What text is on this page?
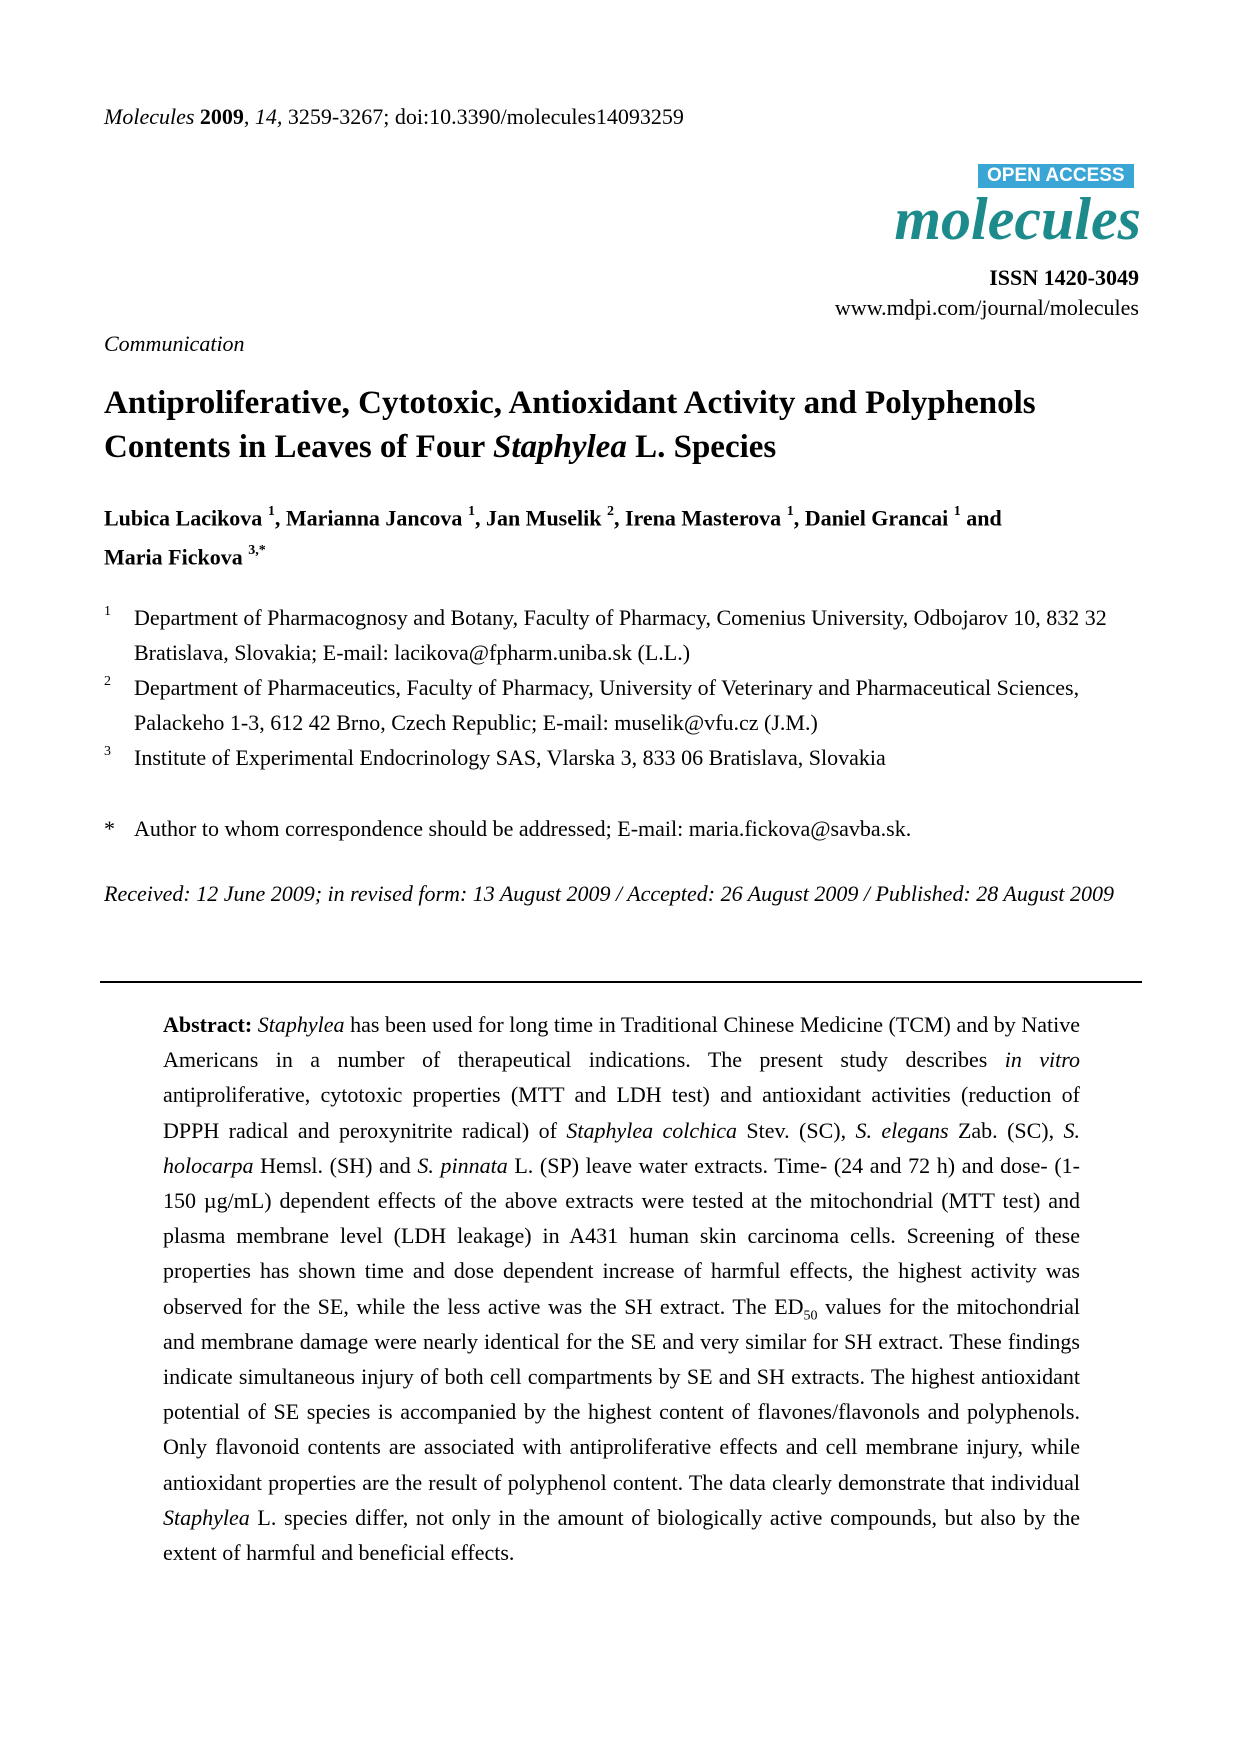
Molecules 2009, 14, 3259-3267; doi:10.3390/molecules14093259
OPEN ACCESS
molecules
ISSN 1420-3049
www.mdpi.com/journal/molecules
Communication
Antiproliferative, Cytotoxic, Antioxidant Activity and Polyphenols Contents in Leaves of Four Staphylea L. Species
Lubica Lacikova $^1$, Marianna Jancova $^1$, Jan Muselik $^2$, Irena Masterova $^1$, Daniel Grancai $^1$ and
Maria Fickova $^{3,*}$
1 Department of Pharmacognosy and Botany, Faculty of Pharmacy, Comenius University, Odbojarov 10, 832 32 Bratislava, Slovakia; E-mail: lacikova@fpharm.uniba.sk (L.L.)
2 Department of Pharmaceutics, Faculty of Pharmacy, University of Veterinary and Pharmaceutical Sciences, Palackeho 1-3, 612 42 Brno, Czech Republic; E-mail: muselik@vfu.cz (J.M.)
3 Institute of Experimental Endocrinology SAS, Vlarska 3, 833 06 Bratislava, Slovakia
* Author to whom correspondence should be addressed; E-mail: maria.fickova@savba.sk.
Received: 12 June 2009; in revised form: 13 August 2009 / Accepted: 26 August 2009 / Published: 28 August 2009
Abstract: Staphylea has been used for long time in Traditional Chinese Medicine (TCM) and by Native Americans in a number of therapeutical indications. The present study describes in vitro antiproliferative, cytotoxic properties (MTT and LDH test) and antioxidant activities (reduction of DPPH radical and peroxynitrite radical) of Staphylea colchica Stev. (SC), S. elegans Zab. (SC), S. holocarpa Hemsl. (SH) and S. pinnata L. (SP) leave water extracts. Time- (24 and 72 h) and dose- (1-150 µg/mL) dependent effects of the above extracts were tested at the mitochondrial (MTT test) and plasma membrane level (LDH leakage) in A431 human skin carcinoma cells. Screening of these properties has shown time and dose dependent increase of harmful effects, the highest activity was observed for the SE, while the less active was the SH extract. The $ED_{50}$ values for the mitochondrial and membrane damage were nearly identical for the SE and very similar for SH extract. These findings indicate simultaneous injury of both cell compartments by SE and SH extracts. The highest antioxidant potential of SE species is accompanied by the highest content of flavones/flavonols and polyphenols. Only flavonoid contents are associated with antiproliferative effects and cell membrane injury, while antioxidant properties are the result of polyphenol content. The data clearly demonstrate that individual Staphylea L. species differ, not only in the amount of biologically active compounds, but also by the extent of harmful and beneficial effects.
